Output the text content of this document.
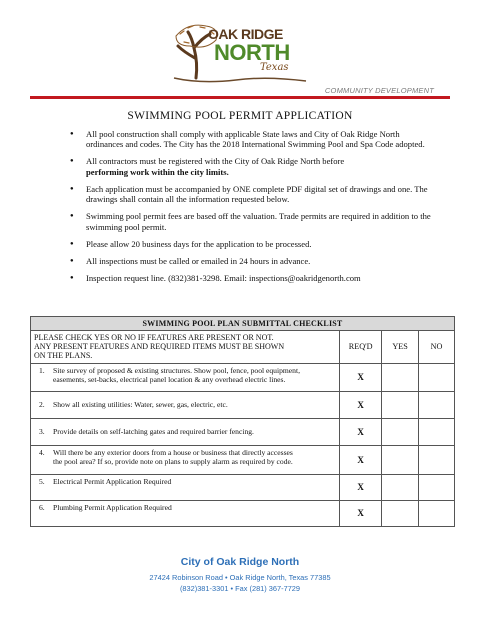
OAK RIDGE
NORTH
Texas
COMMUNITY DEVELOPMENT
SWIMMING POOL PERMIT APPLICATION
● All pool construction shall comply with applicable State laws and City of Oak Ridge North ordinances and codes. The City has the 2018 International Swimming Pool and Spa Code adopted.
● All contractors must be registered with the City of Oak Ridge North before
performing work within the city limits.
● Each application must be accompanied by ONE complete PDF digital set of drawings and one. The drawings shall contain all the information requested below.
● Swimming pool permit fees are based off the valuation. Trade permits are required in addition to the swimming pool permit.
● Please allow 20 business days for the application to be processed.
● All inspections must be called or emailed in 24 hours in advance.
● Inspection request line. (832)381-3298. Email: inspections@oakridgenorth.com
SWIMMING POOL PLAN SUBMITTAL CHECKLIST			

PLEASE CHECK YES OR NO IF FEATURES ARE PRESENT OR NOT.
ANY PRESENT FEATURES AND REQUIRED ITEMS MUST BE SHOWN
ON THE PLANS.	REQ'D	YES	NO
1. Site survey of proposed & existing structures. Show pool, fence, pool equipment,
easements, set-backs, electrical panel location & any overhead electric lines.	X		
2. Show all existing utilities: Water, sewer, gas, electric, etc.	X		
3. Provide details on self-latching gates and required barrier fencing.	X		
4. Will there be any exterior doors from a house or business that directly accesses
the pool area? If so, provide note on plans to supply alarm as required by code.	X		
5. Electrical Permit Application Required	X		
6. Plumbing Permit Application Required	X		
City of Oak Ridge North
27424 Robinson Road • Oak Ridge North, Texas 77385
(832)381-3301 • Fax (281) 367-7729
